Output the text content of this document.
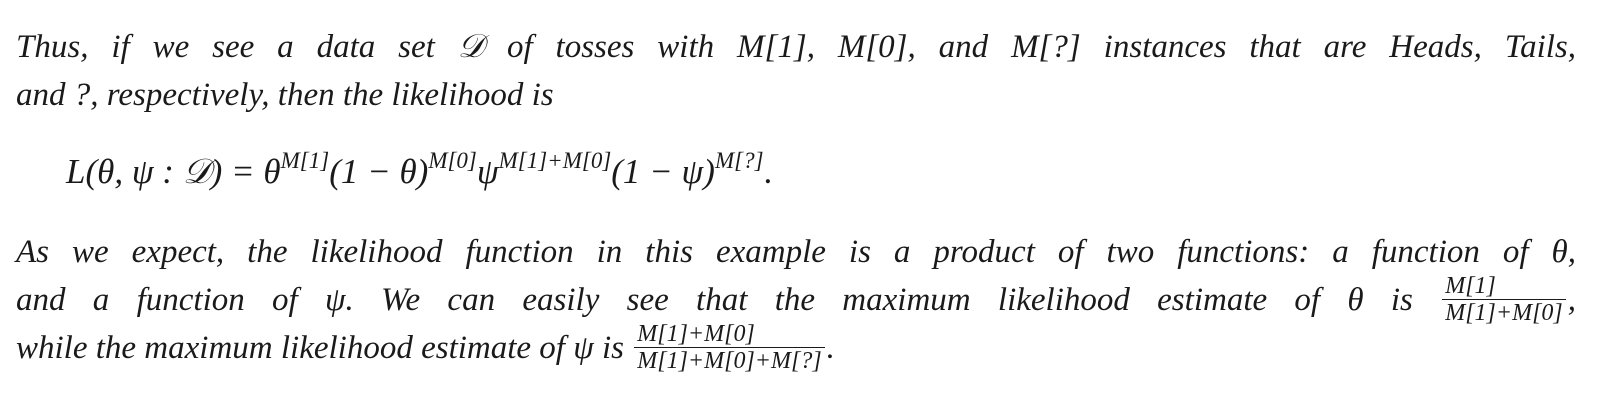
Thus, if we see a data set 𝒟 of tosses with M[1], M[0], and M[?] instances that are Heads, Tails,
and ?, respectively, then the likelihood is
L(θ, ψ : 𝒟) = $\theta^{M[1]}(1 - \theta)^{M[0]}\psi^{M[1]+M[0]}(1 - \psi)^{M[?]}$.
As we expect, the likelihood function in this example is a product of two functions: a function of θ,
and a function of ψ. We can easily see that the maximum likelihood estimate of θ is $\frac{M[1]}{M[1]+M[0]}$ ,
while the maximum likelihood estimate of ψ is $\frac{M[1]+M[0]}{M[1]+M[0]+M[?]}$ .
